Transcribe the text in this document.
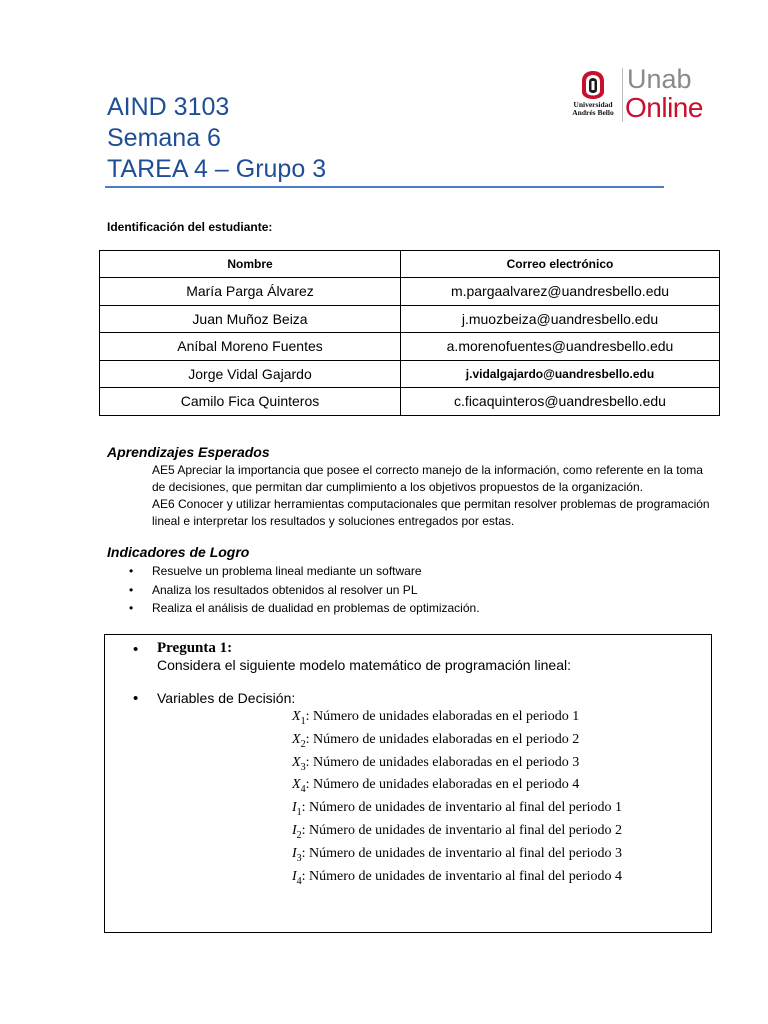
AIND 3103
Semana 6
TAREA 4 – Grupo 3
Universidad
Andrés Bello
Unab
Online
Identificación del estudiante:
Nombre	Correo electrónico
María Parga Álvarez	m.pargaalvarez@uandresbello.edu
Juan Muñoz Beiza	j.muozbeiza@uandresbello.edu
Aníbal Moreno Fuentes	a.morenofuentes@uandresbello.edu
Jorge Vidal Gajardo	j.vidalgajardo@uandresbello.edu
Camilo Fica Quinteros	c.ficaquinteros@uandresbello.edu
Aprendizajes Esperados
AE5 Apreciar la importancia que posee el correcto manejo de la información, como referente en la toma de decisiones, que permitan dar cumplimiento a los objetivos propuestos de la organización.
AE6 Conocer y utilizar herramientas computacionales que permitan resolver problemas de programación lineal e interpretar los resultados y soluciones entregados por estas.
Indicadores de Logro
• Resuelve un problema lineal mediante un software
• Analiza los resultados obtenidos al resolver un PL
• Realiza el análisis de dualidad en problemas de optimización.
• Pregunta 1:
Considera el siguiente modelo matemático de programación lineal:
• Variables de Decisión:
$X_1$: Número de unidades elaboradas en el periodo 1
$X_2$: Número de unidades elaboradas en el periodo 2
$X_3$: Número de unidades elaboradas en el periodo 3
$X_4$: Número de unidades elaboradas en el periodo 4
$I_1$: Número de unidades de inventario al final del periodo 1
$I_2$: Número de unidades de inventario al final del periodo 2
$I_3$: Número de unidades de inventario al final del periodo 3
$I_4$: Número de unidades de inventario al final del periodo 4
